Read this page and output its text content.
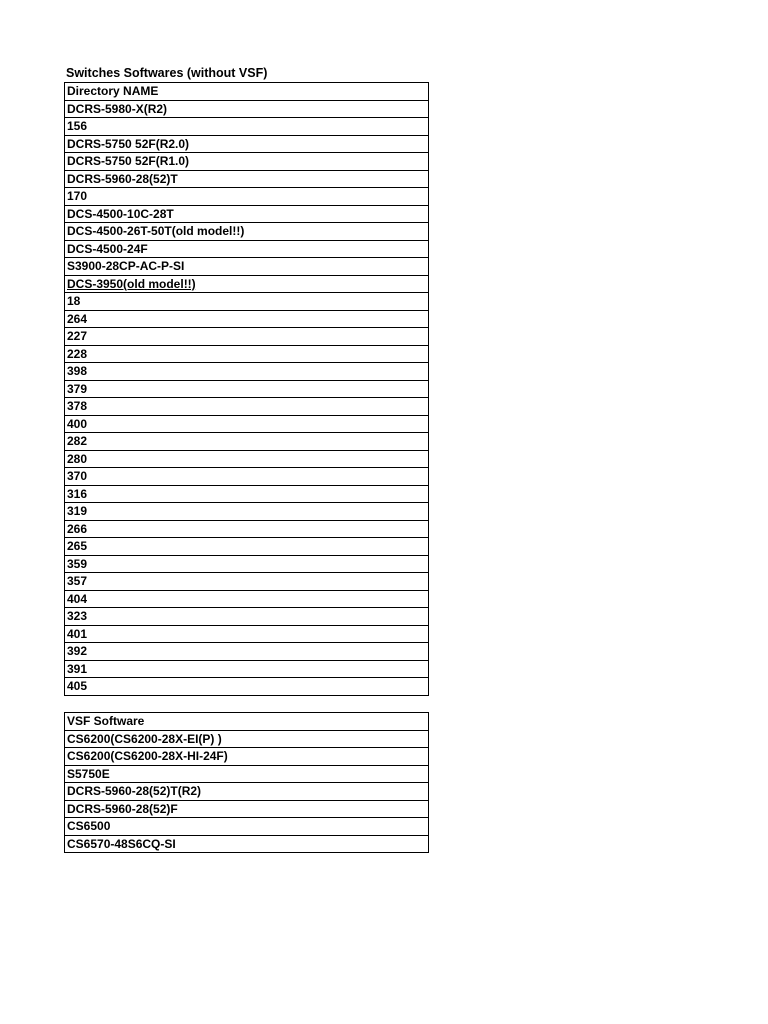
Switches Softwares (without VSF)
Directory NAME
DCRS-5980-X(R2)
156
DCRS-5750 52F(R2.0)
DCRS-5750 52F(R1.0)
DCRS-5960-28(52)T
170
DCS-4500-10C-28T
DCS-4500-26T-50T(old model!!)
DCS-4500-24F
S3900-28CP-AC-P-SI
DCS-3950(old model!!)
18
264
227
228
398
379
378
400
282
280
370
316
319
266
265
359
357
404
323
401
392
391
405
VSF Software
CS6200(CS6200-28X-EI(P) )
CS6200(CS6200-28X-HI-24F)
S5750E
DCRS-5960-28(52)T(R2)
DCRS-5960-28(52)F
CS6500
CS6570-48S6CQ-SI
